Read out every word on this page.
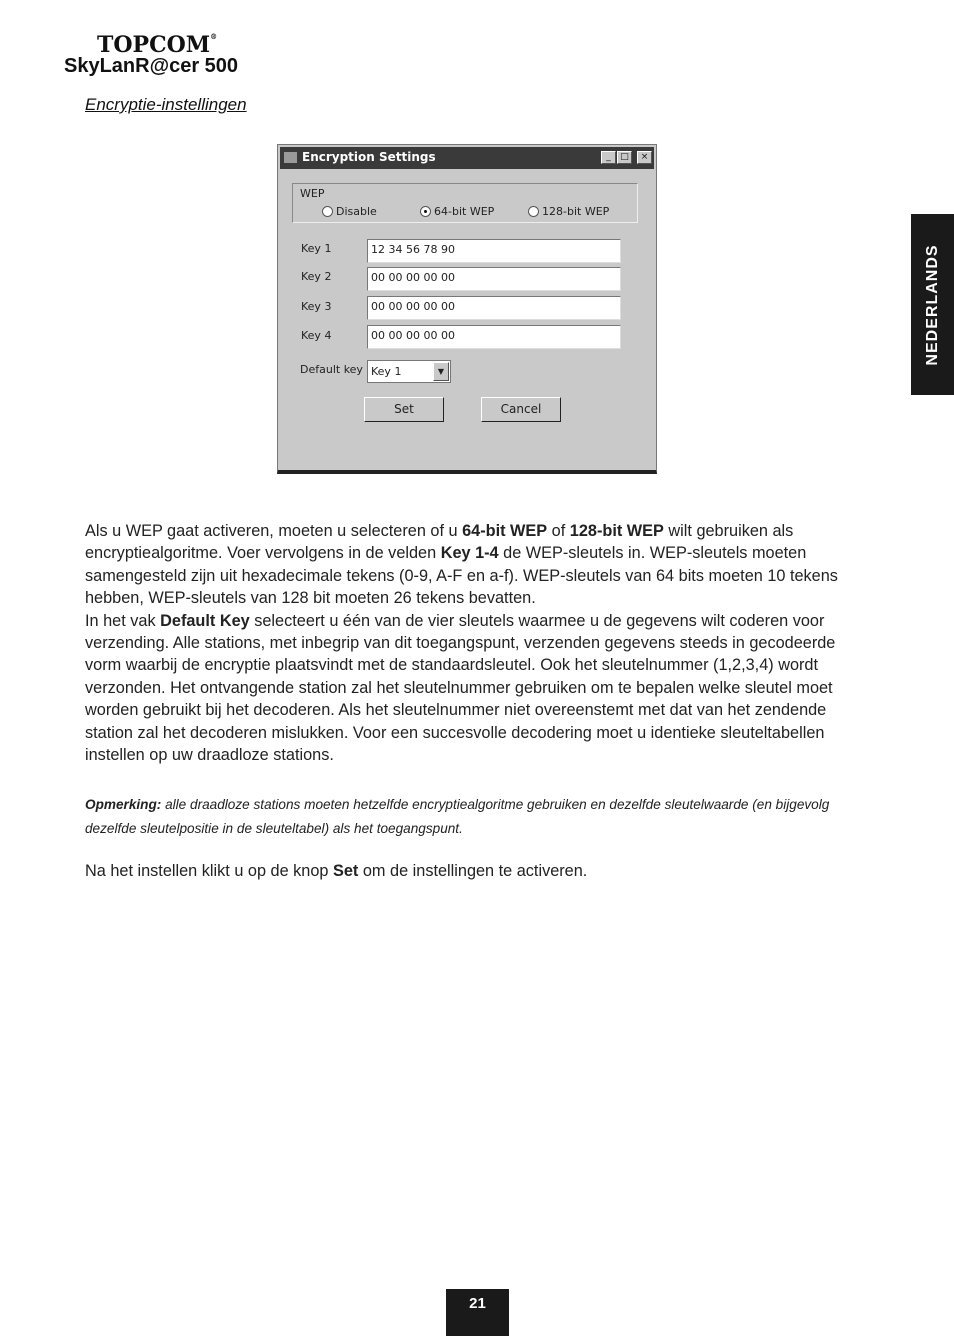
TOPCOM®
SkyLanR@cer 500
Encryptie-instellingen
NEDERLANDS
Encryption Settings	_	□	×
WEP
Disable	64-bit WEP	128-bit WEP
Key 1	12 34 56 78 90
Key 2	00 00 00 00 00
Key 3	00 00 00 00 00
Key 4	00 00 00 00 00
Default key Key 1	▼
Set	Cancel

Als u WEP gaat activeren, moeten u selecteren of u 64-bit WEP of 128-bit WEP wilt gebruiken als encryptiealgoritme. Voer vervolgens in de velden Key 1-4 de WEP-sleutels in. WEP-sleutels moeten samengesteld zijn uit hexadecimale tekens (0-9, A-F en a-f). WEP-sleutels van 64 bits moeten 10 tekens hebben, WEP-sleutels van 128 bit moeten 26 tekens bevatten.

In het vak Default Key selecteert u één van de vier sleutels waarmee u de gegevens wilt coderen voor verzending. Alle stations, met inbegrip van dit toegangspunt, verzenden gegevens steeds in gecodeerde vorm waarbij de encryptie plaatsvindt met de standaardsleutel. Ook het sleutelnummer (1,2,3,4) wordt verzonden. Het ontvangende station zal het sleutelnummer gebruiken om te bepalen welke sleutel moet worden gebruikt bij het decoderen. Als het sleutelnummer niet overeenstemt met dat van het zendende station zal het decoderen mislukken. Voor een succesvolle decodering moet u identieke sleuteltabellen instellen op uw draadloze stations.

Opmerking: alle draadloze stations moeten hetzelfde encryptiealgoritme gebruiken en dezelfde sleutelwaarde (en bijgevolg dezelfde sleutelpositie in de sleuteltabel) als het toegangspunt.
Na het instellen klikt u op de knop Set om de instellingen te activeren.
21
